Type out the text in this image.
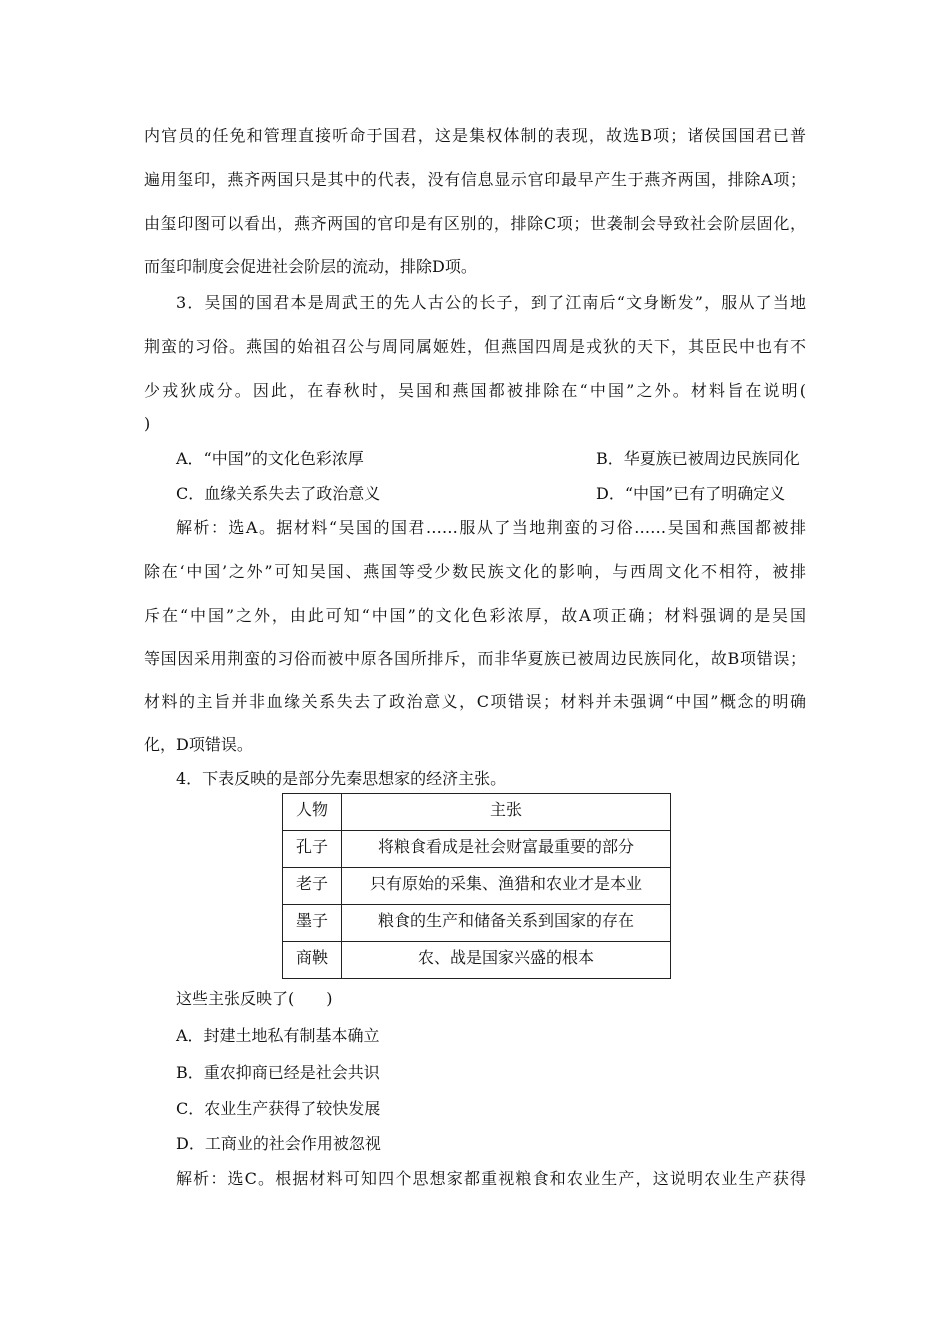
内官员的任免和管理直接听命于国君，这是集权体制的表现，故选B项；诸侯国国君已普
遍用玺印，燕齐两国只是其中的代表，没有信息显示官印最早产生于燕齐两国，排除A项；
由玺印图可以看出，燕齐两国的官印是有区别的，排除C项；世袭制会导致社会阶层固化，
而玺印制度会促进社会阶层的流动，排除D项。
3．吴国的国君本是周武王的先人古公的长子，到了江南后“文身断发”，服从了当地
荆蛮的习俗。燕国的始祖召公与周同属姬姓，但燕国四周是戎狄的天下，其臣民中也有不
少戎狄成分。因此，在春秋时，吴国和燕国都被排除在“中国”之外。材料旨在说明(
)
A．“中国”的文化色彩浓厚	B．华夏族已被周边民族同化
C．血缘关系失去了政治意义	D．“中国”已有了明确定义
解析：选A。据材料“吴国的国君……服从了当地荆蛮的习俗……吴国和燕国都被排
除在‘中国’之外”可知吴国、燕国等受少数民族文化的影响，与西周文化不相符，被排
斥在“中国”之外，由此可知“中国”的文化色彩浓厚，故A项正确；材料强调的是吴国
等国因采用荆蛮的习俗而被中原各国所排斥，而非华夏族已被周边民族同化，故B项错误；
材料的主旨并非血缘关系失去了政治意义，C项错误；材料并未强调“中国”概念的明确
化，D项错误。
4．下表反映的是部分先秦思想家的经济主张。
人物	主张
孔子	将粮食看成是社会财富最重要的部分
老子	只有原始的采集、渔猎和农业才是本业
墨子	粮食的生产和储备关系到国家的存在
商鞅	农、战是国家兴盛的根本
这些主张反映了(　　)
A．封建土地私有制基本确立
B．重农抑商已经是社会共识
C．农业生产获得了较快发展
D．工商业的社会作用被忽视
解析：选C。根据材料可知四个思想家都重视粮食和农业生产，这说明农业生产获得
